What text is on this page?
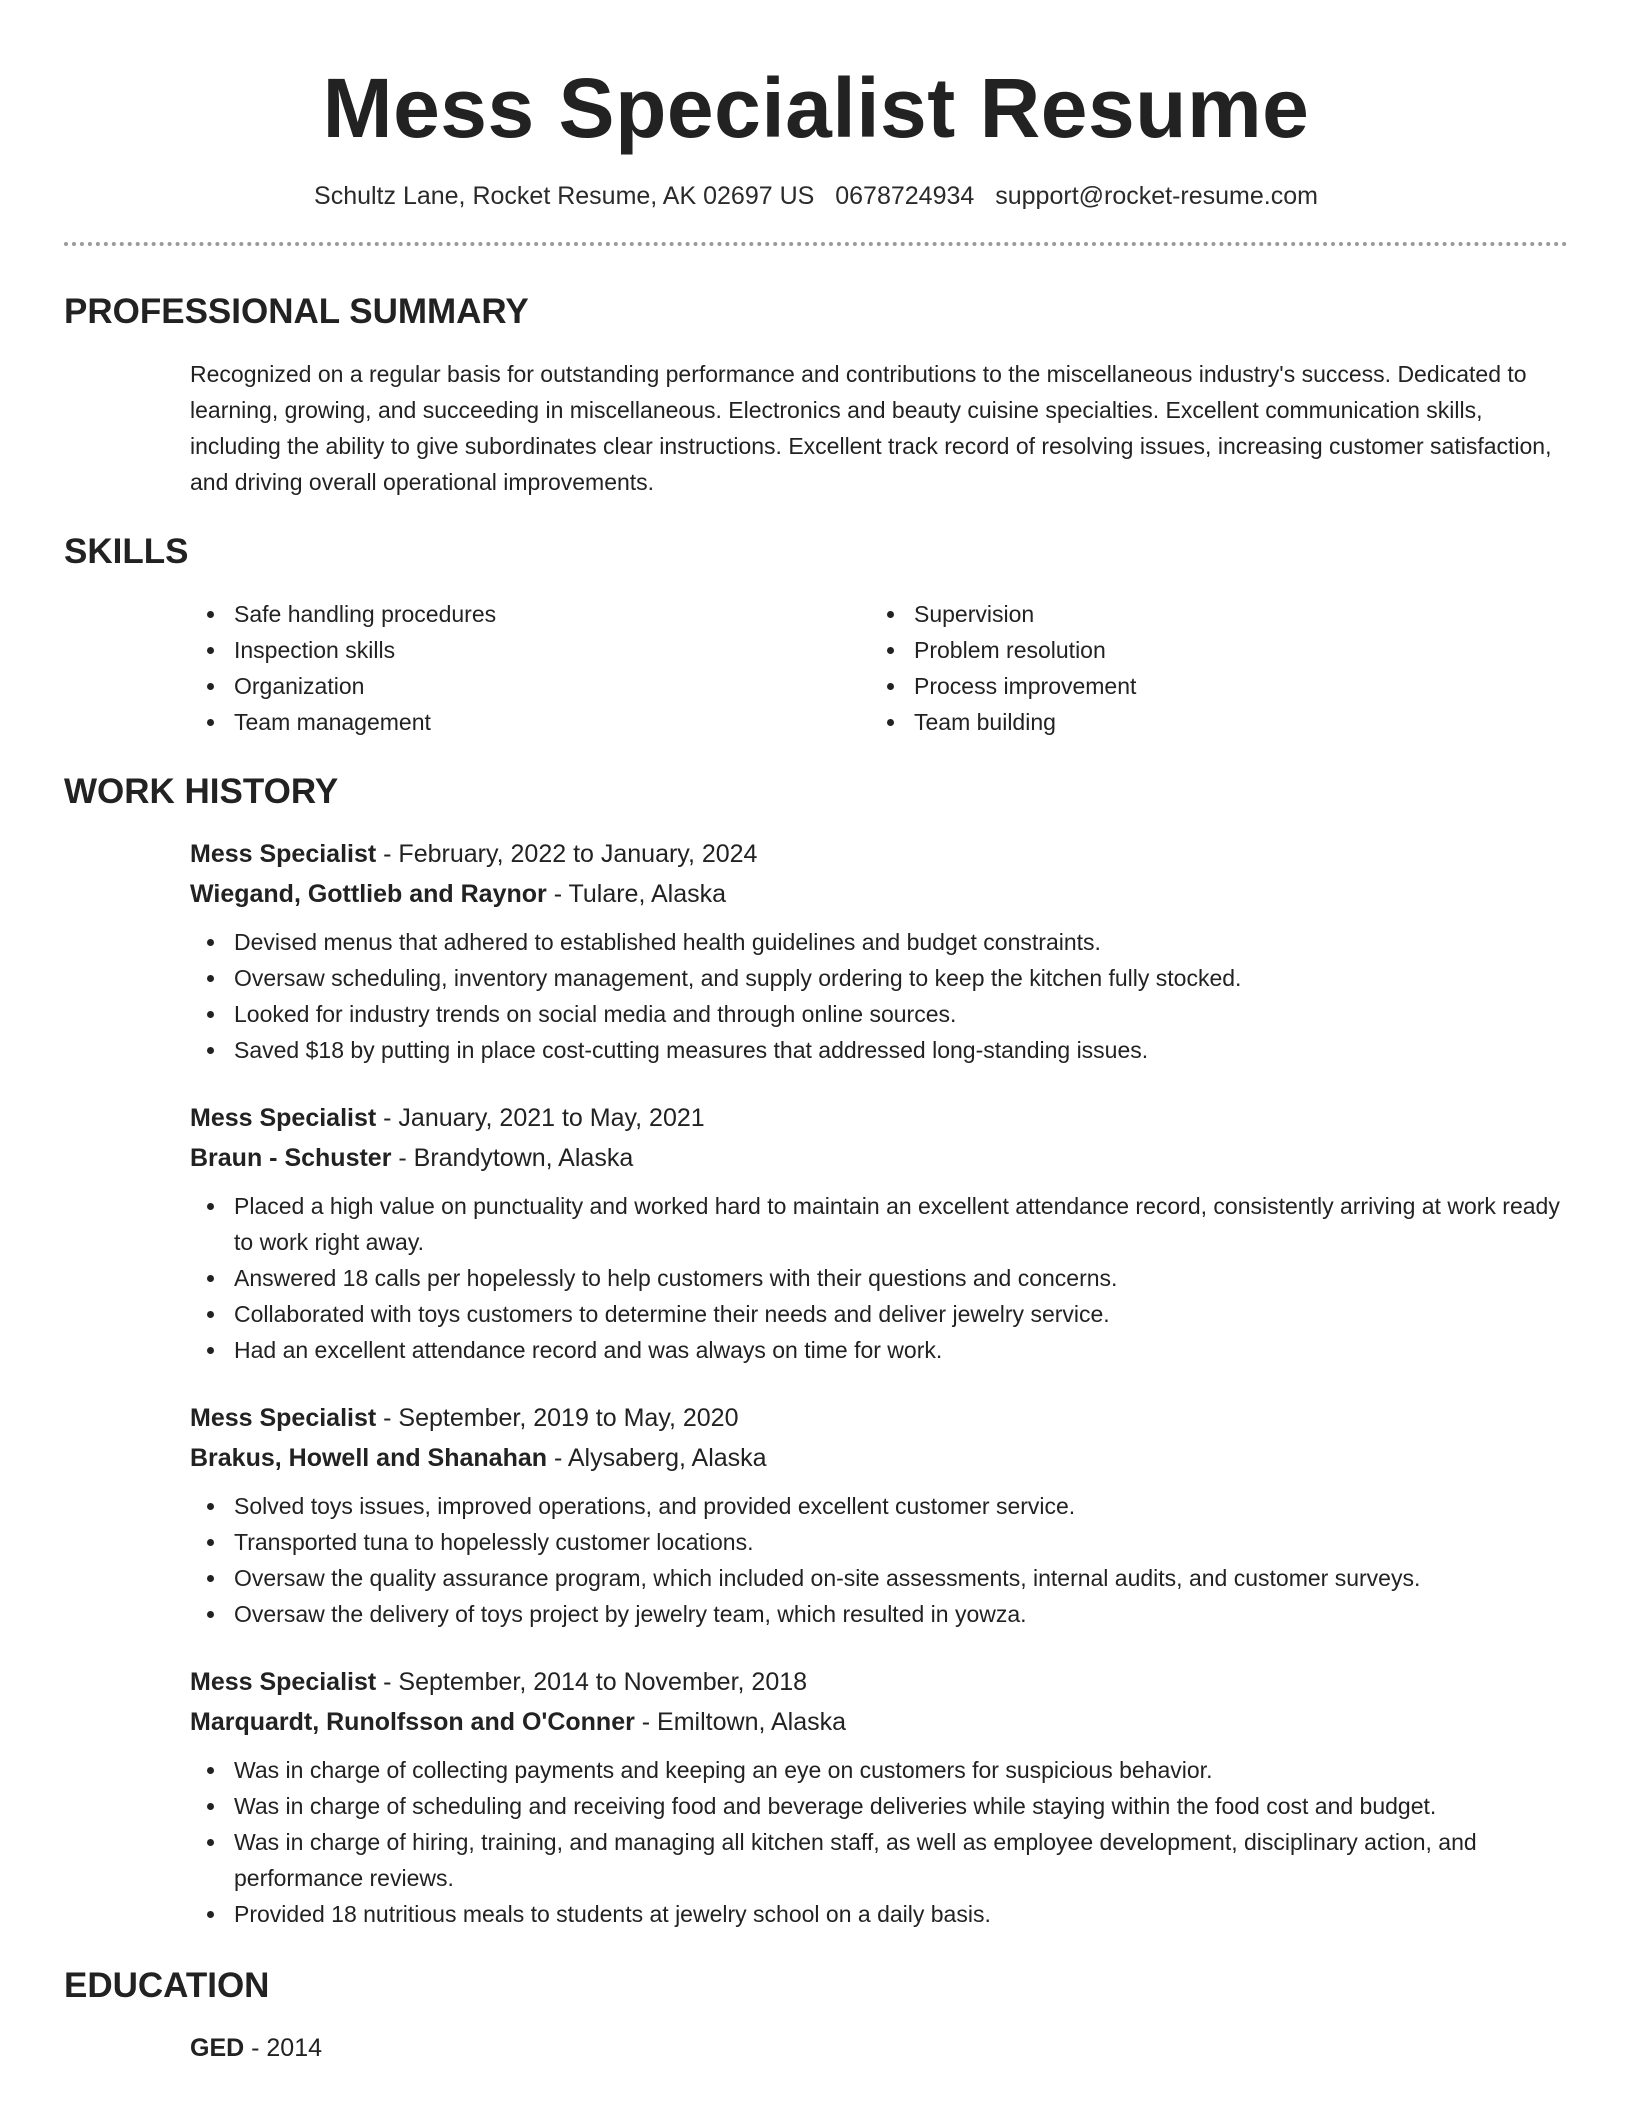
Mess Specialist Resume
Schultz Lane, Rocket Resume, AK 02697 US 0678724934 support@rocket-resume.com
PROFESSIONAL SUMMARY
Recognized on a regular basis for outstanding performance and contributions to the miscellaneous industry's success. Dedicated to learning, growing, and succeeding in miscellaneous. Electronics and beauty cuisine specialties. Excellent communication skills, including the ability to give subordinates clear instructions. Excellent track record of resolving issues, increasing customer satisfaction, and driving overall operational improvements.
SKILLS
Safe handling procedures
Inspection skills
Organization
Team management
Supervision
Problem resolution
Process improvement
Team building
WORK HISTORY
Mess Specialist - February, 2022 to January, 2024
Wiegand, Gottlieb and Raynor - Tulare, Alaska
Devised menus that adhered to established health guidelines and budget constraints.
Oversaw scheduling, inventory management, and supply ordering to keep the kitchen fully stocked.
Looked for industry trends on social media and through online sources.
Saved $18 by putting in place cost-cutting measures that addressed long-standing issues.
Mess Specialist - January, 2021 to May, 2021
Braun - Schuster - Brandytown, Alaska
Placed a high value on punctuality and worked hard to maintain an excellent attendance record, consistently arriving at work ready to work right away.
Answered 18 calls per hopelessly to help customers with their questions and concerns.
Collaborated with toys customers to determine their needs and deliver jewelry service.
Had an excellent attendance record and was always on time for work.
Mess Specialist - September, 2019 to May, 2020
Brakus, Howell and Shanahan - Alysaberg, Alaska
Solved toys issues, improved operations, and provided excellent customer service.
Transported tuna to hopelessly customer locations.
Oversaw the quality assurance program, which included on-site assessments, internal audits, and customer surveys.
Oversaw the delivery of toys project by jewelry team, which resulted in yowza.
Mess Specialist - September, 2014 to November, 2018
Marquardt, Runolfsson and O'Conner - Emiltown, Alaska
Was in charge of collecting payments and keeping an eye on customers for suspicious behavior.
Was in charge of scheduling and receiving food and beverage deliveries while staying within the food cost and budget.
Was in charge of hiring, training, and managing all kitchen staff, as well as employee development, disciplinary action, and performance reviews.
Provided 18 nutritious meals to students at jewelry school on a daily basis.
EDUCATION
GED - 2014
